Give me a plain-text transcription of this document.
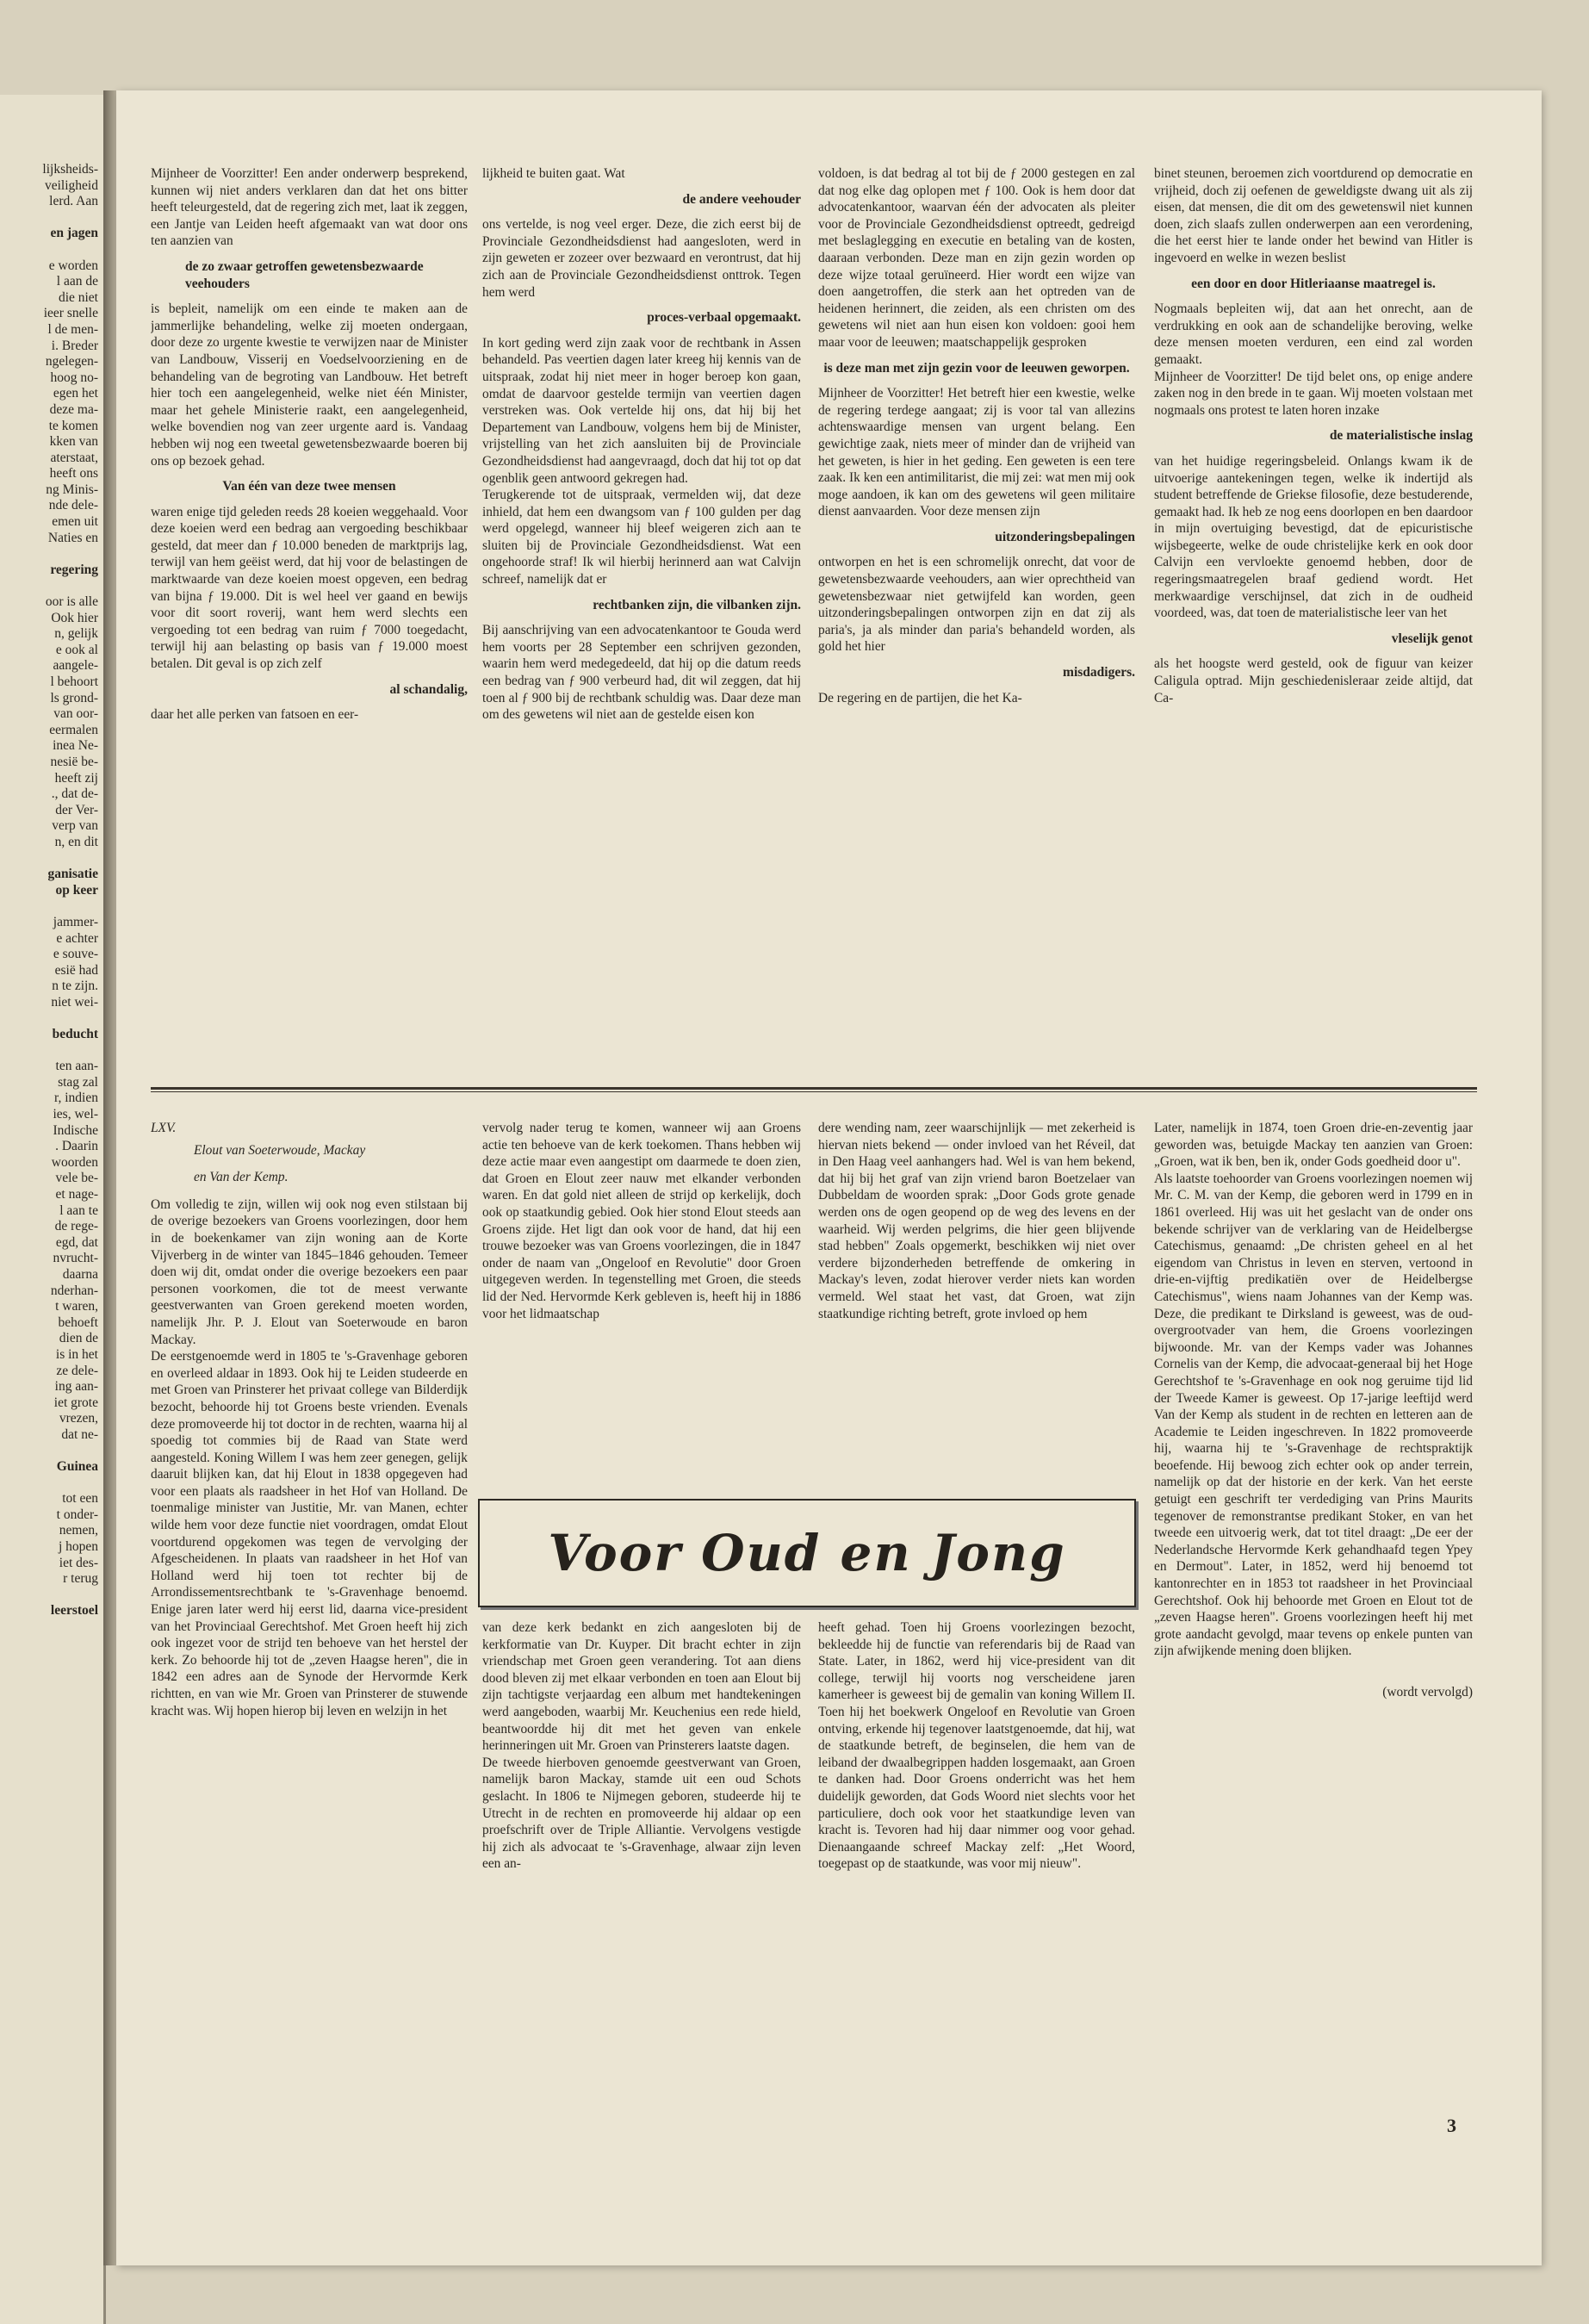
lijksheids-

veiligheid

lerd. Aan

en jagen

e worden

l aan de

die niet

ieer snelle

l de men-

i. Breder

ngelegen-

hoog no-

egen het

deze ma-

te komen

kken van

aterstaat,

heeft ons

ng Minis-

nde dele-

emen uit

Naties en

regering

oor is alle

Ook hier

n, gelijk

e ook al

aangele-

l behoort

ls grond-

van oor-

eermalen

inea Ne-

nesië be-

heeft zij

., dat de-

der Ver-

verp van

n, en dit

ganisatie

op keer

jammer-

e achter

e souve-

esië had

n te zijn.

niet wei-

beducht

ten aan-

stag zal

r, indien

ies, wel-

Indische

. Daarin

woorden

vele be-

et nage-

l aan te

de rege-

egd, dat

nvrucht-

daarna

nderhan-

t waren,

behoeft

dien de

is in het

ze dele-

ing aan-

iet grote

vrezen,

dat ne-

Guinea

tot een

t onder-

nemen,

j hopen

iet des-

r terug

leerstoel

Mijnheer de Voorzitter! Een ander onderwerp besprekend, kunnen wij niet anders verklaren dan dat het ons bitter heeft teleurgesteld, dat de regering zich met, laat ik zeggen, een Jantje van Leiden heeft afgemaakt van wat door ons ten aanzien van

de zo zwaar getroffen gewetensbezwaarde veehouders

is bepleit, namelijk om een einde te maken aan de jammerlijke behandeling, welke zij moeten ondergaan, door deze zo urgente kwestie te verwijzen naar de Minister van Landbouw, Visserij en Voedselvoorziening en de behandeling van de begroting van Landbouw. Het betreft hier toch een aangelegenheid, welke niet één Minister, maar het gehele Ministerie raakt, een aangelegenheid, welke bovendien nog van zeer urgente aard is. Vandaag hebben wij nog een tweetal gewetensbezwaarde boeren bij ons op bezoek gehad.

Van één van deze twee mensen

waren enige tijd geleden reeds 28 koeien weggehaald. Voor deze koeien werd een bedrag aan vergoeding beschikbaar gesteld, dat meer dan ƒ 10.000 beneden de marktprijs lag, terwijl van hem geëist werd, dat hij voor de belastingen de marktwaarde van deze koeien moest opgeven, een bedrag van bijna ƒ 19.000. Dit is wel heel ver gaand en bewijs voor dit soort roverij, want hem werd slechts een vergoeding tot een bedrag van ruim ƒ 7000 toegedacht, terwijl hij aan belasting op basis van ƒ 19.000 moest betalen. Dit geval is op zich zelf

al schandalig,

daar het alle perken van fatsoen en eer-

lijkheid te buiten gaat. Wat

de andere veehouder

ons vertelde, is nog veel erger. Deze, die zich eerst bij de Provinciale Gezondheidsdienst had aangesloten, werd in zijn geweten er zozeer over bezwaard en verontrust, dat hij zich aan de Provinciale Gezondheidsdienst onttrok. Tegen hem werd

proces-verbaal opgemaakt.

In kort geding werd zijn zaak voor de rechtbank in Assen behandeld. Pas veertien dagen later kreeg hij kennis van de uitspraak, zodat hij niet meer in hoger beroep kon gaan, omdat de daarvoor gestelde termijn van veertien dagen verstreken was. Ook vertelde hij ons, dat hij bij het Departement van Landbouw, volgens hem bij de Minister, vrijstelling van het zich aansluiten bij de Provinciale Gezondheidsdienst had aangevraagd, doch dat hij tot op dat ogenblik geen antwoord gekregen had.

Terugkerende tot de uitspraak, vermelden wij, dat deze inhield, dat hem een dwangsom van ƒ 100 gulden per dag werd opgelegd, wanneer hij bleef weigeren zich aan te sluiten bij de Provinciale Gezondheidsdienst. Wat een ongehoorde straf! Ik wil hierbij herinnerd aan wat Calvijn schreef, namelijk dat er

rechtbanken zijn, die vilbanken zijn.

Bij aanschrijving van een advocatenkantoor te Gouda werd hem voorts per 28 September een schrijven gezonden, waarin hem werd medegedeeld, dat hij op die datum reeds een bedrag van ƒ 900 verbeurd had, dit wil zeggen, dat hij toen al ƒ 900 bij de rechtbank schuldig was. Daar deze man om des gewetens wil niet aan de gestelde eisen kon

voldoen, is dat bedrag al tot bij de ƒ 2000 gestegen en zal dat nog elke dag oplopen met ƒ 100. Ook is hem door dat advocatenkantoor, waarvan één der advocaten als pleiter voor de Provinciale Gezondheidsdienst optreedt, gedreigd met beslaglegging en executie en betaling van de kosten, daaraan verbonden. Deze man en zijn gezin worden op deze wijze totaal geruïneerd. Hier wordt een wijze van doen aangetroffen, die sterk aan het optreden van de heidenen herinnert, die zeiden, als een christen om des gewetens wil niet aan hun eisen kon voldoen: gooi hem maar voor de leeuwen; maatschappelijk gesproken

is deze man met zijn gezin voor de leeuwen geworpen.

Mijnheer de Voorzitter! Het betreft hier een kwestie, welke de regering terdege aangaat; zij is voor tal van allezins achtenswaardige mensen van urgent belang. Een gewichtige zaak, niets meer of minder dan de vrijheid van het geweten, is hier in het geding. Een geweten is een tere zaak. Ik ken een antimilitarist, die mij zei: wat men mij ook moge aandoen, ik kan om des gewetens wil geen militaire dienst aanvaarden. Voor deze mensen zijn

uitzonderingsbepalingen

ontworpen en het is een schromelijk onrecht, dat voor de gewetensbezwaarde veehouders, aan wier oprechtheid van gewetensbezwaar niet getwijfeld kan worden, geen uitzonderingsbepalingen ontworpen zijn en dat zij als paria's, ja als minder dan paria's behandeld worden, als gold het hier

misdadigers.

De regering en de partijen, die het Ka-

binet steunen, beroemen zich voortdurend op democratie en vrijheid, doch zij oefenen de geweldigste dwang uit als zij eisen, dat mensen, die dit om des gewetenswil niet kunnen doen, zich slaafs zullen onderwerpen aan een verordening, die het eerst hier te lande onder het bewind van Hitler is ingevoerd en welke in wezen beslist

een door en door Hitleriaanse maatregel is.

Nogmaals bepleiten wij, dat aan het onrecht, aan de verdrukking en ook aan de schandelijke beroving, welke deze mensen moeten verduren, een eind zal worden gemaakt.

Mijnheer de Voorzitter! De tijd belet ons, op enige andere zaken nog in den brede in te gaan. Wij moeten volstaan met nogmaals ons protest te laten horen inzake

de materialistische inslag

van het huidige regeringsbeleid. Onlangs kwam ik de uitvoerige aantekeningen tegen, welke ik indertijd als student betreffende de Griekse filosofie, deze bestuderende, gemaakt had. Ik heb ze nog eens doorlopen en ben daardoor in mijn overtuiging bevestigd, dat de epicuristische wijsbegeerte, welke de oude christelijke kerk en ook door Calvijn een vervloekte genoemd hebben, door de regeringsmaatregelen braaf gediend wordt. Het merkwaardige verschijnsel, dat zich in de oudheid voordeed, was, dat toen de materialistische leer van het

vleselijk genot

als het hoogste werd gesteld, ook de figuur van keizer Caligula optrad. Mijn geschiedenisleraar zeide altijd, dat Ca-

LXV.

Elout van Soeterwoude, Mackay

en Van der Kemp.

Om volledig te zijn, willen wij ook nog even stilstaan bij de overige bezoekers van Groens voorlezingen, door hem in de boekenkamer van zijn woning aan de Korte Vijverberg in de winter van 1845–1846 gehouden. Temeer doen wij dit, omdat onder die overige bezoekers een paar personen voorkomen, die tot de meest verwante geestverwanten van Groen gerekend moeten worden, namelijk Jhr. P. J. Elout van Soeterwoude en baron Mackay.

De eerstgenoemde werd in 1805 te 's-Gravenhage geboren en overleed aldaar in 1893. Ook hij te Leiden studeerde en met Groen van Prinsterer het privaat college van Bilderdijk bezocht, behoorde hij tot Groens beste vrienden. Evenals deze promoveerde hij tot doctor in de rechten, waarna hij al spoedig tot commies bij de Raad van State werd aangesteld. Koning Willem I was hem zeer genegen, gelijk daaruit blijken kan, dat hij Elout in 1838 opgegeven had voor een plaats als raadsheer in het Hof van Holland. De toenmalige minister van Justitie, Mr. van Manen, echter wilde hem voor deze functie niet voordragen, omdat Elout voortdurend opgekomen was tegen de vervolging der Afgescheidenen. In plaats van raadsheer in het Hof van Holland werd hij toen tot rechter bij de Arrondissementsrechtbank te 's-Gravenhage benoemd. Enige jaren later werd hij eerst lid, daarna vice-president van het Provinciaal Gerechtshof. Met Groen heeft hij zich ook ingezet voor de strijd ten behoeve van het herstel der kerk. Zo behoorde hij tot de „zeven Haagse heren", die in 1842 een adres aan de Synode der Hervormde Kerk richtten, en van wie Mr. Groen van Prinsterer de stuwende kracht was. Wij hopen hierop bij leven en welzijn in het

vervolg nader terug te komen, wanneer wij aan Groens actie ten behoeve van de kerk toekomen. Thans hebben wij deze actie maar even aangestipt om daarmede te doen zien, dat Groen en Elout zeer nauw met elkander verbonden waren. En dat gold niet alleen de strijd op kerkelijk, doch ook op staatkundig gebied. Ook hier stond Elout steeds aan Groens zijde. Het ligt dan ook voor de hand, dat hij een trouwe bezoeker was van Groens voorlezingen, die in 1847 onder de naam van „Ongeloof en Revolutie" door Groen uitgegeven werden. In tegenstelling met Groen, die steeds lid der Ned. Hervormde Kerk gebleven is, heeft hij in 1886 voor het lidmaatschap

dere wending nam, zeer waarschijnlijk — met zekerheid is hiervan niets bekend — onder invloed van het Réveil, dat in Den Haag veel aanhangers had. Wel is van hem bekend, dat hij bij het graf van zijn vriend baron Boetzelaer van Dubbeldam de woorden sprak: „Door Gods grote genade werden ons de ogen geopend op de weg des levens en der waarheid. Wij werden pelgrims, die hier geen blijvende stad hebben" Zoals opgemerkt, beschikken wij niet over verdere bijzonderheden betreffende de omkering in Mackay's leven, zodat hierover verder niets kan worden vermeld. Wel staat het vast, dat Groen, wat zijn staatkundige richting betreft, grote invloed op hem

Voor Oud en Jong

van deze kerk bedankt en zich aangesloten bij de kerkformatie van Dr. Kuyper. Dit bracht echter in zijn vriendschap met Groen geen verandering. Tot aan diens dood bleven zij met elkaar verbonden en toen aan Elout bij zijn tachtigste verjaardag een album met handtekeningen werd aangeboden, waarbij Mr. Keuchenius een rede hield, beantwoordde hij dit met het geven van enkele herinneringen uit Mr. Groen van Prinsterers laatste dagen.

De tweede hierboven genoemde geestverwant van Groen, namelijk baron Mackay, stamde uit een oud Schots geslacht. In 1806 te Nijmegen geboren, studeerde hij te Utrecht in de rechten en promoveerde hij aldaar op een proefschrift over de Triple Alliantie. Vervolgens vestigde hij zich als advocaat te 's-Gravenhage, alwaar zijn leven een an-

heeft gehad. Toen hij Groens voorlezingen bezocht, bekleedde hij de functie van referendaris bij de Raad van State. Later, in 1862, werd hij vice-president van dit college, terwijl hij voorts nog verscheidene jaren kamerheer is geweest bij de gemalin van koning Willem II. Toen hij het boekwerk Ongeloof en Revolutie van Groen ontving, erkende hij tegenover laatstgenoemde, dat hij, wat de staatkunde betreft, de beginselen, die hem van de leiband der dwaalbegrippen hadden losgemaakt, aan Groen te danken had. Door Groens onderricht was het hem duidelijk geworden, dat Gods Woord niet slechts voor het particuliere, doch ook voor het staatkundige leven van kracht is. Tevoren had hij daar nimmer oog voor gehad. Dienaangaande schreef Mackay zelf: „Het Woord, toegepast op de staatkunde, was voor mij nieuw".

Later, namelijk in 1874, toen Groen drie-en-zeventig jaar geworden was, betuigde Mackay ten aanzien van Groen: „Groen, wat ik ben, ben ik, onder Gods goedheid door u".

Als laatste toehoorder van Groens voorlezingen noemen wij Mr. C. M. van der Kemp, die geboren werd in 1799 en in 1861 overleed. Hij was uit het geslacht van de onder ons bekende schrijver van de verklaring van de Heidelbergse Catechismus, genaamd: „De christen geheel en al het eigendom van Christus in leven en sterven, vertoond in drie-en-vijftig predikatiën over de Heidelbergse Catechismus", wiens naam Johannes van der Kemp was. Deze, die predikant te Dirksland is geweest, was de oud-overgrootvader van hem, die Groens voorlezingen bijwoonde. Mr. van der Kemps vader was Johannes Cornelis van der Kemp, die advocaat-generaal bij het Hoge Gerechtshof te 's-Gravenhage en ook nog geruime tijd lid der Tweede Kamer is geweest. Op 17-jarige leeftijd werd Van der Kemp als student in de rechten en letteren aan de Academie te Leiden ingeschreven. In 1822 promoveerde hij, waarna hij te 's-Gravenhage de rechtspraktijk beoefende. Hij bewoog zich echter ook op ander terrein, namelijk op dat der historie en der kerk. Van het eerste getuigt een geschrift ter verdediging van Prins Maurits tegenover de remonstrantse predikant Stoker, en van het tweede een uitvoerig werk, dat tot titel draagt: „De eer der Nederlandsche Hervormde Kerk gehandhaafd tegen Ypey en Dermout". Later, in 1852, werd hij benoemd tot kantonrechter en in 1853 tot raadsheer in het Provinciaal Gerechtshof. Ook hij behoorde met Groen en Elout tot de „zeven Haagse heren". Groens voorlezingen heeft hij met grote aandacht gevolgd, maar tevens op enkele punten van zijn afwijkende mening doen blijken.

(wordt vervolgd)

3
